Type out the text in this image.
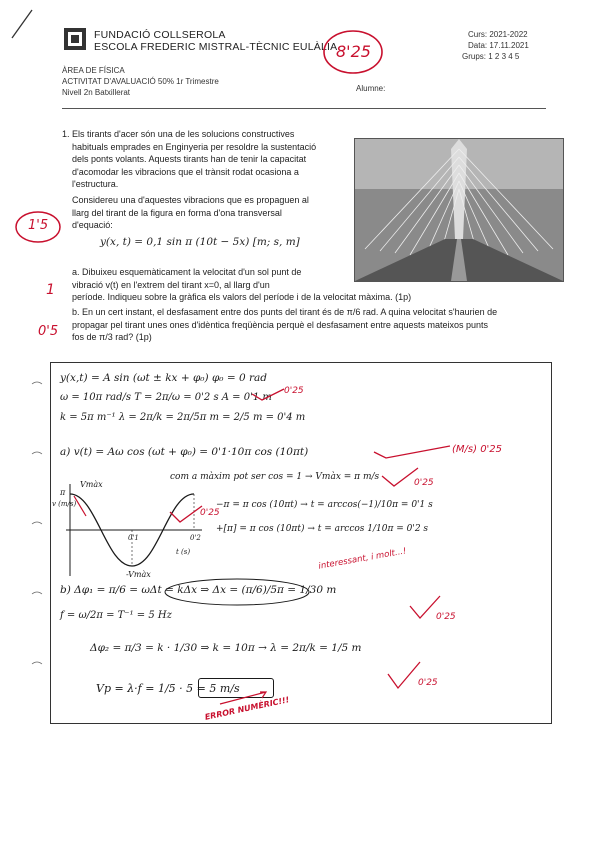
FUNDACIÓ COLLSEROLA
ESCOLA FREDERIC MISTRAL-TÈCNIC EULÀLIA
ÀREA DE FÍSICA
ACTIVITAT D'AVALUACIÓ 50% 1r Trimestre
Nivell 2n Batxillerat	Alumne:
Curs: 2021-2022
Data: 17.11.2021
Grups: 1 2 3 4 5
8'25
1. Els tirants d'acer són una de les solucions constructives
habituals emprades en Enginyeria per resoldre la sustentació
dels ponts volants. Aquests tirants han de tenir la capacitat
d'acomodar les vibracions que el trànsit rodat ocasiona a
l'estructura.
Considereu una d'aquestes vibracions que es propaguen al
llarg del tirant de la figura en forma d'ona transversal
d'equació:
y(x, t) = 0,1 sin π (10t − 5x) [m; s, m]
a. Dibuixeu esquemàticament la velocitat d'un sol punt de
vibració v(t) en l'extrem del tirant x=0, al llarg d'un
període. Indiqueu sobre la gràfica els valors del període i de la velocitat màxima. (1p)
b. En un cert instant, el desfasament entre dos punts del tirant és de π/6 rad. A quina velocitat s'haurien de
propagar pel tirant unes ones d'idèntica freqüència perquè el desfasament entre aquests mateixos punts
fos de π/3 rad? (1p)
1'5
1
0'5
y(x,t) = A sin (ωt ± kx + φ₀) φ₀ = 0 rad
ω = 10π rad/s T = 2π/ω = 0'2 s A = 0'1 m
k = 5π m⁻¹ λ = 2π/k = 2π/5π m = 2/5 m = 0'4 m
a) v(t) = Aω cos (ωt + φ₀) = 0'1·10π cos (10πt)
com a màxim pot ser cos = 1 → Vmàx = π m/s
−π = π cos (10πt) → t = arccos(−1)/10π = 0'1 s
+[π] = π cos (10πt) → t = arccos 1/10π = 0'2 s
Vmàx
π
v (m/s)
-Vmàx
0'1	0'2
t (s)
b) Δφ₁ = π/6 = ωΔt = kΔx ⇒ Δx = (π/6)/5π = 1/30 m
f = ω/2π = T⁻¹ = 5 Hz
Δφ₂ = π/3 = k · 1/30 ⇒ k = 10π → λ = 2π/k = 1/5 m
Vp = λ·f = 1/5 · 5 = 5 m/s
0'25
(M/s) 0'25
0'25
0'25
interessant, i molt...!
0'25
0'25
ERROR NUMÈRIC!!!
